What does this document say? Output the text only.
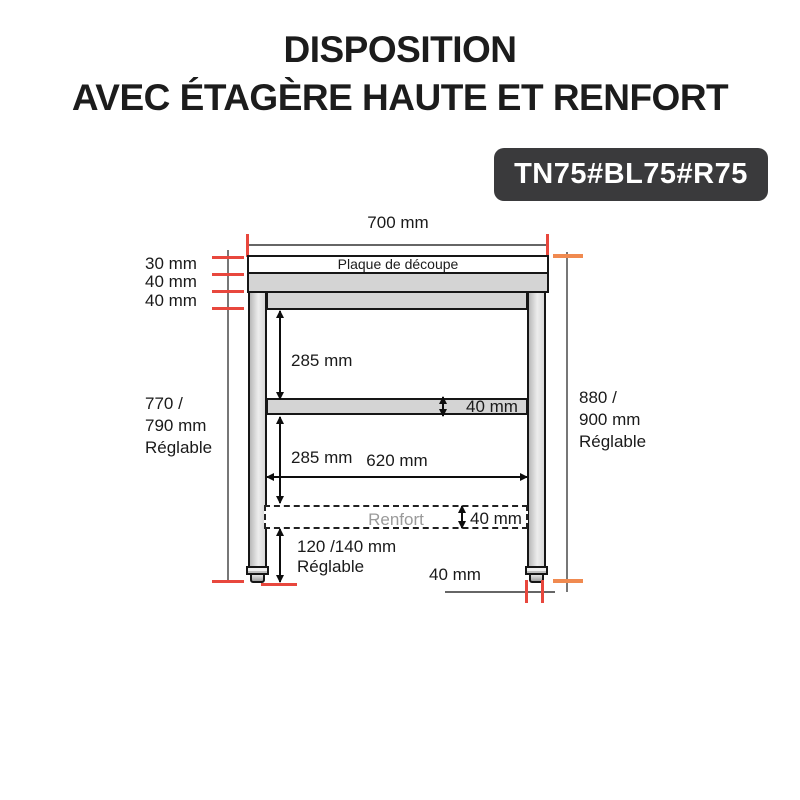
DISPOSITION
AVEC ÉTAGÈRE HAUTE ET RENFORT
TN75#BL75#R75
700 mm
Plaque de découpe
Renfort
30 mm
40 mm
40 mm
770 /
790 mm
Réglable
880 /
900 mm
Réglable
285 mm
40 mm
285 mm 620 mm
40 mm
120 /140 mm
Réglable	40 mm
